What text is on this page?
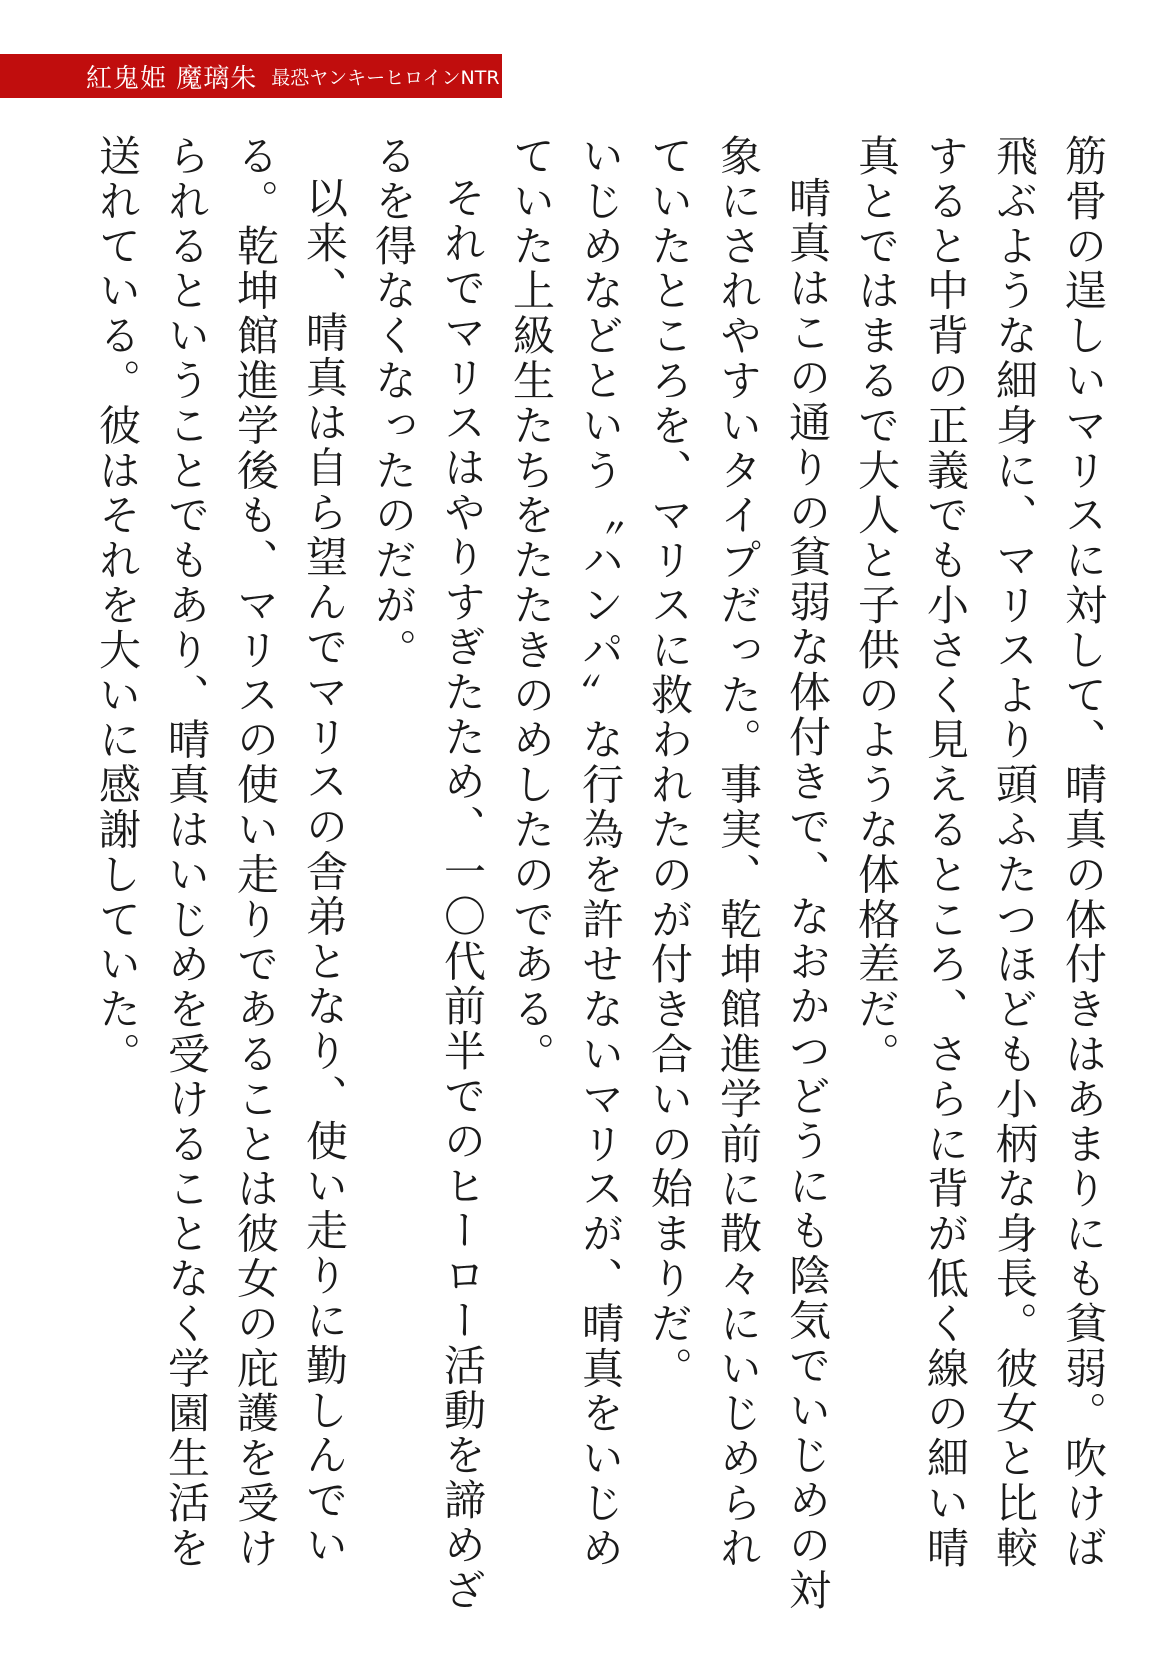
紅鬼姫 魔璃朱 最恐ヤンキーヒロインNTR

筋骨の逞しいマリスに対して、晴真の体付きはあまりにも貧弱。吹けば飛ぶような細身に、マリスより頭ふたつほども小柄な身長。彼女と比較すると中背の正義でも小さく見えるところ、さらに背が低く線の細い晴真とではまるで大人と子供のような体格差だ。

晴真はこの通りの貧弱な体付きで、なおかつどうにも陰気でいじめの対象にされやすいタイプだった。事実、乾坤館進学前に散々にいじめられていたところを、マリスに救われたのが付き合いの始まりだ。

いじめなどという〝ハンパ〟な行為を許せないマリスが、晴真をいじめていた上級生たちをたたきのめしたのである。

それでマリスはやりすぎたため、一〇代前半でのヒーロー活動を諦めざるを得なくなったのだが。

以来、晴真は自ら望んでマリスの舎弟となり、使い走りに勤しんでいる。乾坤館進学後も、マリスの使い走りであることは彼女の庇護を受けられるということでもあり、晴真はいじめを受けることなく学園生活を送れている。彼はそれを大いに感謝していた。
